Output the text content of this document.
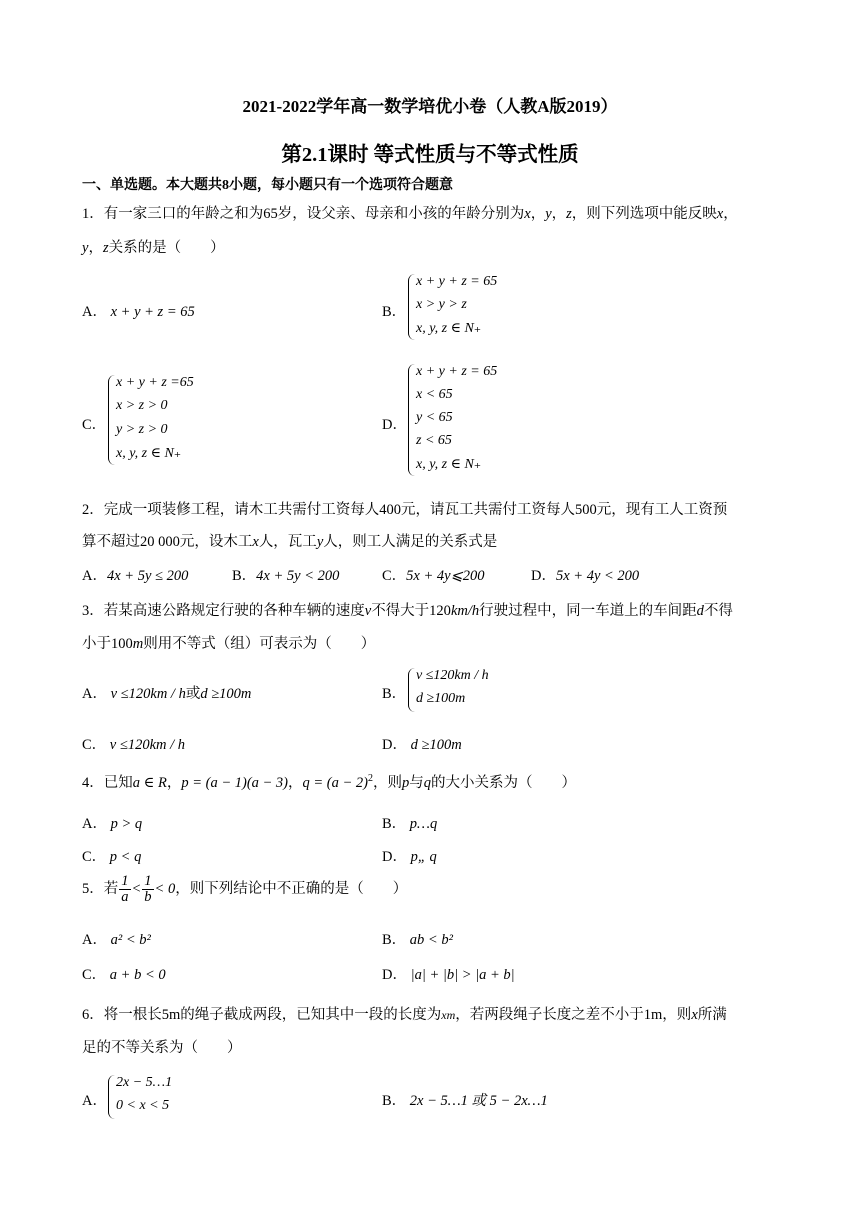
2021-2022学年高一数学培优小卷（人教A版2019）
第2.1课时 等式性质与不等式性质
一、单选题。本大题共8小题，每小题只有一个选项符合题意
1．有一家三口的年龄之和为65岁，设父亲、母亲和小孩的年龄分别为x，y，z，则下列选项中能反映x，
y，z关系的是（　　）
A． x + y + z = 65	B．
x + y + z = 65
x > y > z
x, y, z ∈ N₊
C．
x + y + z =65
x > z > 0
y > z > 0
x, y, z ∈ N₊
D．
x + y + z = 65
x < 65
y < 65
z < 65
x, y, z ∈ N₊
2．完成一项装修工程，请木工共需付工资每人400元，请瓦工共需付工资每人500元，现有工人工资预
算不超过20 000元，设木工x人，瓦工y人，则工人满足的关系式是
A．4x + 5y ≤ 200	B．4x + 5y < 200	C．5x + 4y⩽200	D．5x + 4y < 200
3．若某高速公路规定行驶的各种车辆的速度v不得大于120km/h行驶过程中，同一车道上的车间距d不得
小于100m则用不等式（组）可表示为（　　）
A． v ≤120km / h或d ≥100m	B．
v ≤120km / h
d ≥100m
C． v ≤120km / h	D． d ≥100m
4．已知a ∈ R，p = (a − 1)(a − 3)，$q = (a - 2)^2$，则p与q的大小关系为（　　）
A． p > q	B． p…q
C． p < q	D． p„ q
5．若 $\frac{1}{a} < \frac{1}{b} < 0$，则下列结论中不正确的是（　　）
A． a² < b²	B． ab < b²
C． a + b < 0	D． |a| + |b| > |a + b|
6．将一根长5m的绳子截成两段，已知其中一段的长度为xm，若两段绳子长度之差不小于1m，则x所满
足的不等关系为（　　）
A．
2x − 5…1
0 < x < 5	B． 2x − 5…1 或 5 − 2x…1
